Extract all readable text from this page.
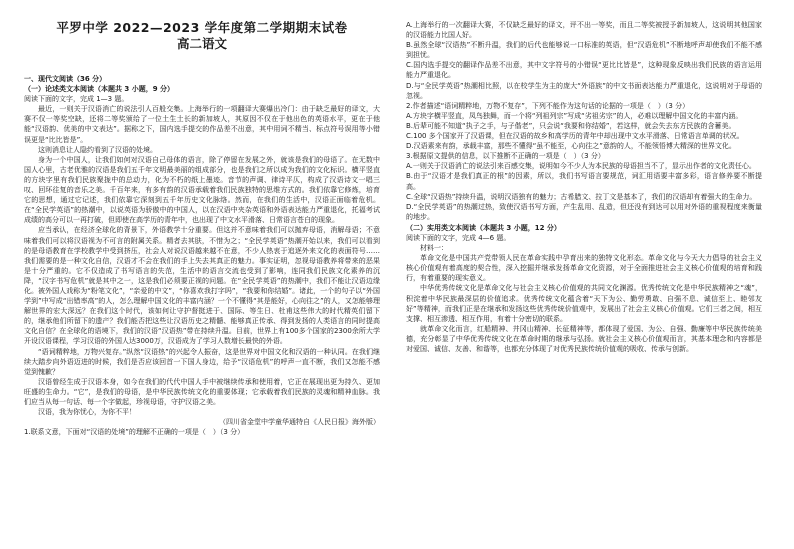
平罗中学 2022—2023 学年度第二学期期末试卷
高二语文
一、现代文阅读（36 分）
（一）论述类文本阅读（本题共 3 小题，9 分）

阅读下面的文字，完成 1—3 题。

最近，一则关于汉语消亡的说法引人百般交集。上海举行的一项翻译大赛爆出冷门：由于缺乏最好的译文，大赛不仅一等奖空缺，还将二等奖颁给了一位土生土长的新加坡人，其原因不仅在于他出色的英语水平，更在于他能“汉语韵、优美的中文表达”。据称之下，国内选手提交的作品差不出意，其中用词不精当、标点符号误用等小错误更是“比比皆是”。

这则消息让人隐约看到了汉语的处境。

身为一个中国人，让我们如何对汉语自己母体的语言，除了停留在发展之外，就该是我们的母语了。在无数中国人心里，古老优雅的汉语是我们五千年文明最美丽的组成部分，也是我们之所以成为我们的文化标识。横平竖直的方块字里有我们民族聚拢中的总动力，化为不朽的纸上墨迹。音节的声调、律诗平仄，构成了汉语诗文一唱三叹、回环往复的音乐之美。千百年来，有多有韵的汉语承载着我们民族独特的思维方式的。我们依靠它修炼，培育它的思想，通过它记述，我们依靠它深刻到五千年历史文化脉络。然而，在我们的生活中，汉语正面临着危机。在“全民学英语”的热潮中，以说英语为骄傲中的中国人，以在汉语中夹杂英语和外语表达能力严重退化，托福考试成绩的高分可以一再打破，但即使在高学历的青年中，也出现了中文水平滑落、日常语言苍白的现象。

应当承认，在经济全球化的背景下，外语教学十分重要。但这并不意味着我们可以抛弃母语，消解母语；不意味着我们可以将汉语视为不可言的附属关系。精者去其肤，不惜为之；“全民学英语”热潮开始以来，我们可以看到的是母语教育在学校教学中受到挤压，社会人对说汉语越来越不在意，不少人热衷于追逐外来文化的表面符号……我们需要的是一种文化自信，汉语才不会在我们的手上失去其真正的魅力。事实证明，忽视母语教养将带来的恶果是十分严重的。它不仅造成了书写语言的失范，生活中的语言交流也受到了影响，连同我们民族文化素养的沉降，“汉字书写危机”就是其中之一，这是我们必须要正视的问题。在“全民学英语”的热潮中，我们不能让汉语边缘化。被外国人戏称为“粉笔文化”，“亲爱的中文”，“你喜欢我打字吗”，“我要和你结婚”。诸此，一个的句子以“外国学到”中写成“出错率高”的人，怎么理解中国文化的丰富内涵？一个不懂得“其是能好，心向往之”的人，又怎能够理解世界的宏大深远？在我们这个时代，该如何让守护督挺进于、国际、等生日、杜甫这些伟大的时代精英们留下的，继承他们所留下的遗产？我们能否把这些让汉语历史之精髓、能够真正传承、得到发扬的人类语言的同时提高文化自信？在全球化的语境下，我们的汉语“汉语热”带在持续升温。目前，世界上有100多个国家的2300余所大学开设汉语课程，学习汉语的外国人达3000万，汉语成为了学习人数增长最快的外语。

“语词精粹地，万物兴复存。”纵然“汉语热”的兴起令人振奋，这是世界对中国文化和汉语的一种认同。在我们继续大踏步向外语迈进的时候，我们是否应该回首一下国人身边，给予“汉语危机”的呼声一直不断，我们又怎能不感觉到愧歉？

汉语曾经生成于汉语本身，如今在我们的代代中国人手中被继续传承和使用着，它正在展现出更为持久、更加旺盛的生命力。“它”，是我们的母语，是中华民族传统文化的重要体现；它承载着我们民族的灵魂和精神血脉。我们应当从每一句话、每一个字做起，珍视母语，守护汉语之美。

汉语，我为你忧心，为你不平！

（四川省金堂中学童华通特自《人民日报》海外版）

1.联系文意，下面对“汉语的处境”的理解不正确的一项是（　）（3 分）

A.上海举行的一次翻译大赛，不仅缺乏最好的译文，评不出一等奖，而且二等奖被授予新加坡人，这说明其他国家的汉语能力比国人好。

B.虽然全球“汉语热”不断升温，我们的后代也能够说一口标准的英语，但“汉语危机”不断地呼声却使我们不能不感到担忧。

C.国内选手提交的翻译作品差不出意，其中文字符号的小错误“更比比皆是”，这种现象反映出我们民族的语言运用能力严重退化。

D.与“全民学英语”热潮相比照，以在校学生为主的庞大“外语族”的中文书面表达能力严重退化，这说明对于母语的忽视。

2.作者描述“语词精粹地，万物不复存”，下列不能作为这句话的论据的一项是（　）（3 分）

A.方块字横平竖直，凤鸟独舞，而一个将“列祖列宗”写成“劣祖劣宗”的人，必难以理解中国文化的丰富内涵。

B.后辈可能不知道“执子之手，与子偕老”，只会说“我要和你结婚”，若这样，就会失去东方民族的含蓄美。

C.100 多个国家开了汉语课，但在汉语的故乡和高学历的青年中却出现中文水平滑落、日常语言单调的状况。

D.汉语素来有韵，承载丰富，那些不懂得“虽不能至，心向往之”意韵的人，不能领悟博大精深的世界文化。

3.根据原文提供的信息，以下推断不正确的一项是（　）（3 分）

A.一则关于汉语消亡的说法引来百感交集，说明如今不少人为本民族的母语担当不了，显示出作者的文化责任心。

B.由于“汉语才是我们真正的根”的因素，所以，我们书写语言要规范，词汇用语要丰富多彩，语言修养要不断提高。

C.全球“汉语热”持续升温，说明汉语独有的魅力；古希腊文、拉丁文是基本了，我们的汉语却有着强大的生命力。

D.“全民学英语”的热潮过热，致使汉语书写方面，产生乱用、乱造，但还没有到达可以用对外语的重视程度来衡量的地步。

（二）实用类文本阅读（本题共 3 小题，12 分）

阅读下面的文字，完成 4—6 题。

材料一：

革命文化是中国共产党带领人民在革命实践中孕育出来的独特文化形态。革命文化与今天大力倡导的社会主义核心价值观有着高度的契合性，深入挖掘并继承发扬革命文化资源，对于全面推进社会主义核心价值观的培育和践行，有着重要的现实意义。

中华优秀传统文化是革命文化与社会主义核心价值观的共同文化渊源。优秀传统文化是中华民族精神之“魂”，积淀着中华民族最深层的价值追求。优秀传统文化蕴含着“天下为公、勤劳勇敢、自强不息、诚信至上、睦邻友好”等精神，而我们正是在继承和发扬这些优秀传统价值观中，发展出了社会主义核心价值观。它们三者之间，相互支撑、相互渗透、相互作用，有着十分密切的联系。

就革命文化而言，红船精神、井冈山精神、长征精神等，都体现了爱国、为公、自强、勤廉等中华民族传统美德，充分彰显了中华优秀传统文化在革命时期的继承与弘扬。就社会主义核心价值观而言，其基本理念和内容都是对爱国、诚信、友善、和谐等，也都充分体现了对优秀民族传统价值观的吸收、传承与创新。
